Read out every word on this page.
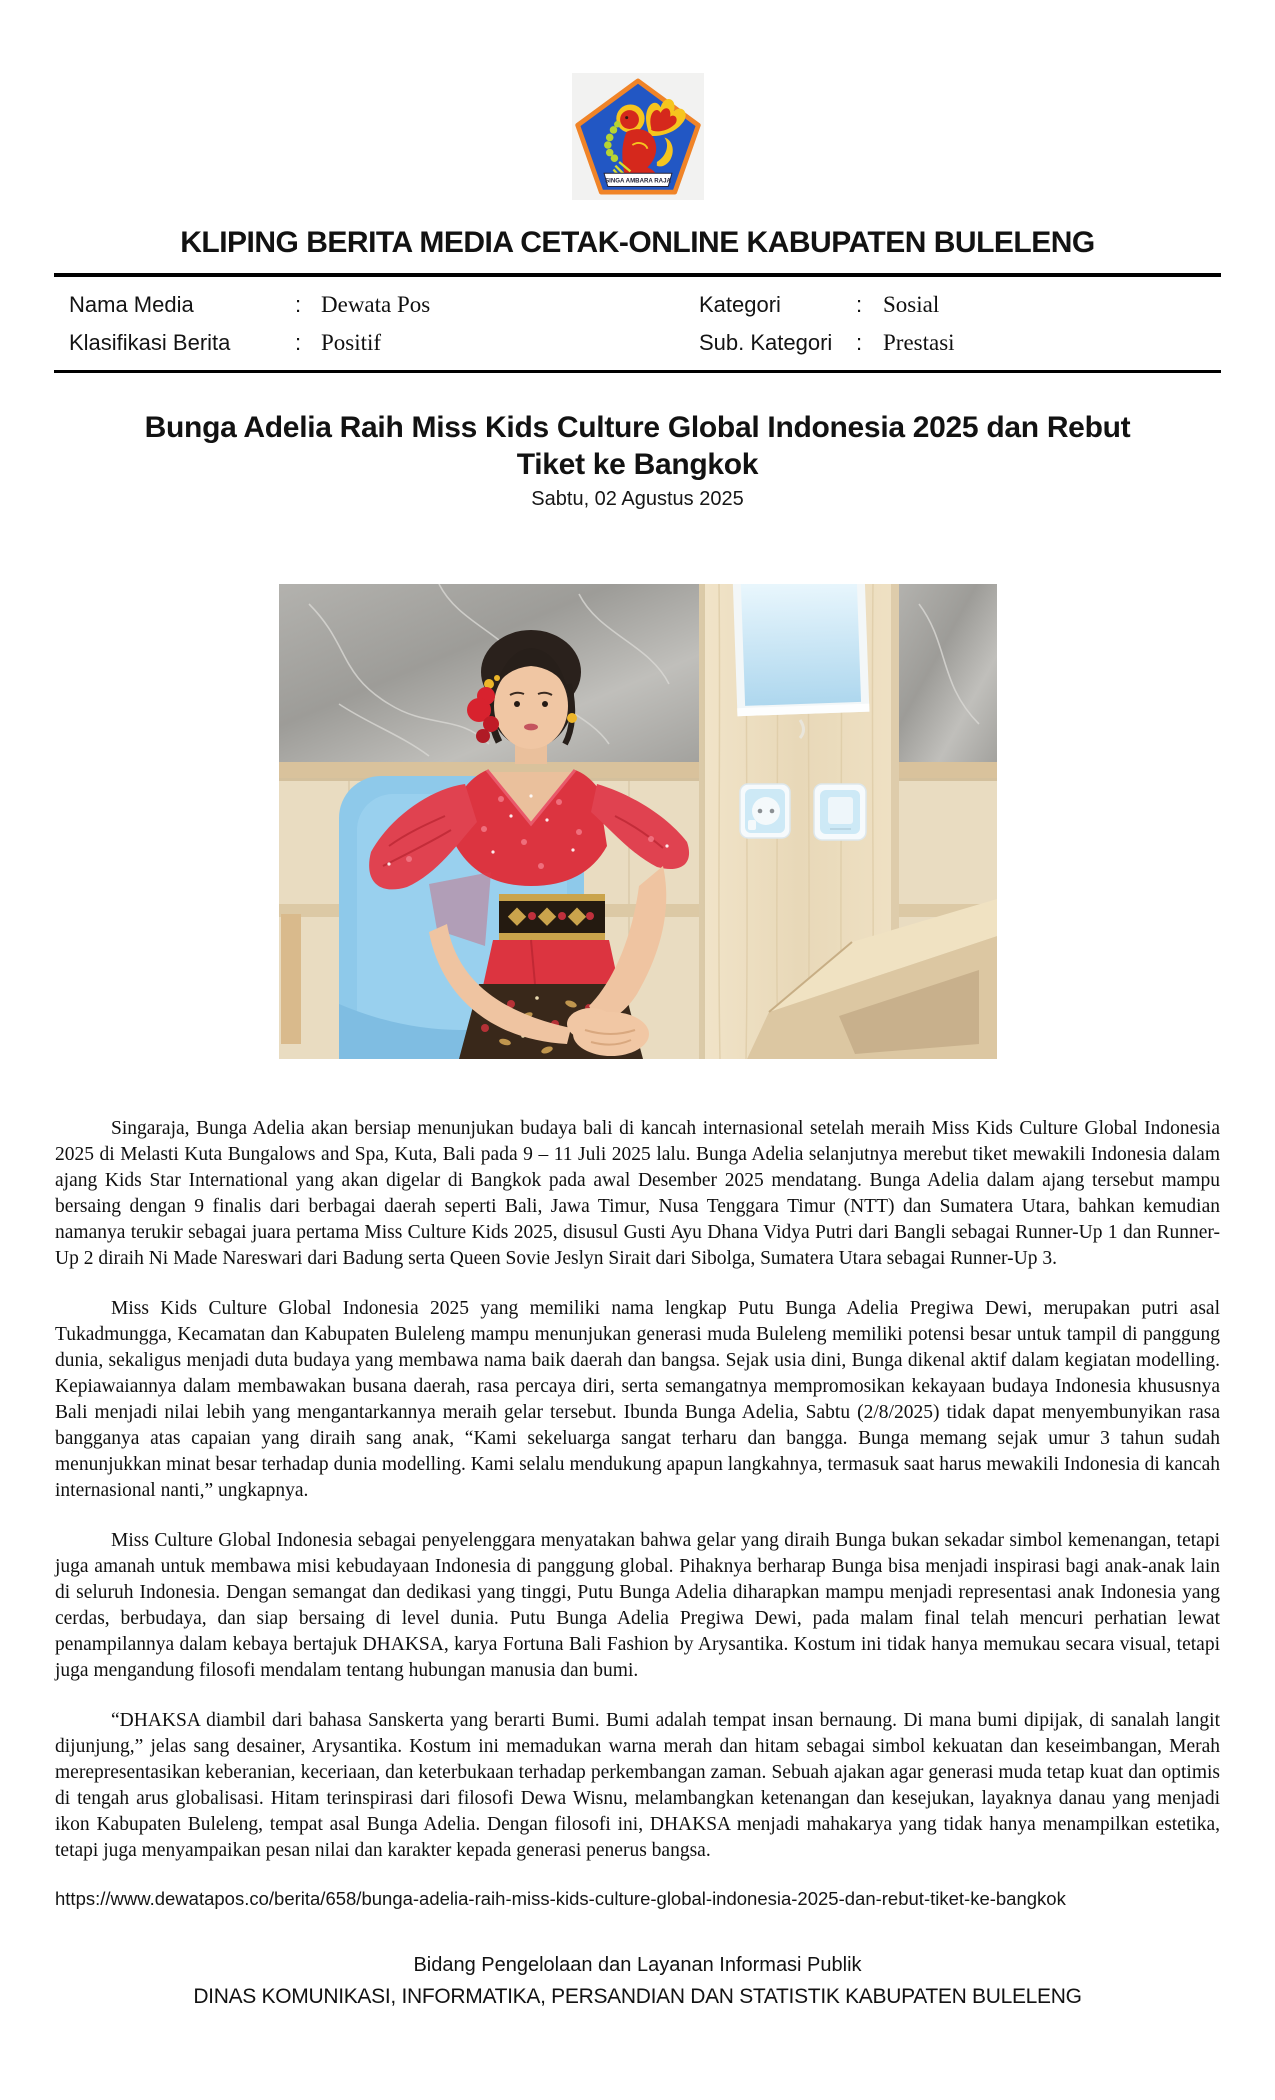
SINGA AMBARA RAJA
KLIPING BERITA MEDIA CETAK-ONLINE KABUPATEN BULELENG
Nama Media	: Dewata Pos	Kategori	: Sosial
Klasifikasi Berita	: Positif	Sub. Kategori	: Prestasi
Bunga Adelia Raih Miss Kids Culture Global Indonesia 2025 dan Rebut
Tiket ke Bangkok
Sabtu, 02 Agustus 2025

Singaraja, Bunga Adelia akan bersiap menunjukan budaya bali di kancah internasional setelah meraih Miss Kids Culture Global Indonesia 2025 di Melasti Kuta Bungalows and Spa, Kuta, Bali pada 9 – 11 Juli 2025 lalu. Bunga Adelia selanjutnya merebut tiket mewakili Indonesia dalam ajang Kids Star International yang akan digelar di Bangkok pada awal Desember 2025 mendatang. Bunga Adelia dalam ajang tersebut mampu bersaing dengan 9 finalis dari berbagai daerah seperti Bali, Jawa Timur, Nusa Tenggara Timur (NTT) dan Sumatera Utara, bahkan kemudian namanya terukir sebagai juara pertama Miss Culture Kids 2025, disusul Gusti Ayu Dhana Vidya Putri dari Bangli sebagai Runner-Up 1 dan Runner-Up 2 diraih Ni Made Nareswari dari Badung serta Queen Sovie Jeslyn Sirait dari Sibolga, Sumatera Utara sebagai Runner-Up 3.

Miss Kids Culture Global Indonesia 2025 yang memiliki nama lengkap Putu Bunga Adelia Pregiwa Dewi, merupakan putri asal Tukadmungga, Kecamatan dan Kabupaten Buleleng mampu menunjukan generasi muda Buleleng memiliki potensi besar untuk tampil di panggung dunia, sekaligus menjadi duta budaya yang membawa nama baik daerah dan bangsa. Sejak usia dini, Bunga dikenal aktif dalam kegiatan modelling. Kepiawaiannya dalam membawakan busana daerah, rasa percaya diri, serta semangatnya mempromosikan kekayaan budaya Indonesia khususnya Bali menjadi nilai lebih yang mengantarkannya meraih gelar tersebut. Ibunda Bunga Adelia, Sabtu (2/8/2025) tidak dapat menyembunyikan rasa bangganya atas capaian yang diraih sang anak, “Kami sekeluarga sangat terharu dan bangga. Bunga memang sejak umur 3 tahun sudah menunjukkan minat besar terhadap dunia modelling. Kami selalu mendukung apapun langkahnya, termasuk saat harus mewakili Indonesia di kancah internasional nanti,” ungkapnya.

Miss Culture Global Indonesia sebagai penyelenggara menyatakan bahwa gelar yang diraih Bunga bukan sekadar simbol kemenangan, tetapi juga amanah untuk membawa misi kebudayaan Indonesia di panggung global. Pihaknya berharap Bunga bisa menjadi inspirasi bagi anak-anak lain di seluruh Indonesia. Dengan semangat dan dedikasi yang tinggi, Putu Bunga Adelia diharapkan mampu menjadi representasi anak Indonesia yang cerdas, berbudaya, dan siap bersaing di level dunia. Putu Bunga Adelia Pregiwa Dewi, pada malam final telah mencuri perhatian lewat penampilannya dalam kebaya bertajuk DHAKSA, karya Fortuna Bali Fashion by Arysantika. Kostum ini tidak hanya memukau secara visual, tetapi juga mengandung filosofi mendalam tentang hubungan manusia dan bumi.

“DHAKSA diambil dari bahasa Sanskerta yang berarti Bumi. Bumi adalah tempat insan bernaung. Di mana bumi dipijak, di sanalah langit dijunjung,” jelas sang desainer, Arysantika. Kostum ini memadukan warna merah dan hitam sebagai simbol kekuatan dan keseimbangan, Merah merepresentasikan keberanian, keceriaan, dan keterbukaan terhadap perkembangan zaman. Sebuah ajakan agar generasi muda tetap kuat dan optimis di tengah arus globalisasi. Hitam terinspirasi dari filosofi Dewa Wisnu, melambangkan ketenangan dan kesejukan, layaknya danau yang menjadi ikon Kabupaten Buleleng, tempat asal Bunga Adelia. Dengan filosofi ini, DHAKSA menjadi mahakarya yang tidak hanya menampilkan estetika, tetapi juga menyampaikan pesan nilai dan karakter kepada generasi penerus bangsa.

https://www.dewatapos.co/berita/658/bunga-adelia-raih-miss-kids-culture-global-indonesia-2025-dan-rebut-tiket-ke-bangkok
Bidang Pengelolaan dan Layanan Informasi Publik
DINAS KOMUNIKASI, INFORMATIKA, PERSANDIAN DAN STATISTIK KABUPATEN BULELENG
